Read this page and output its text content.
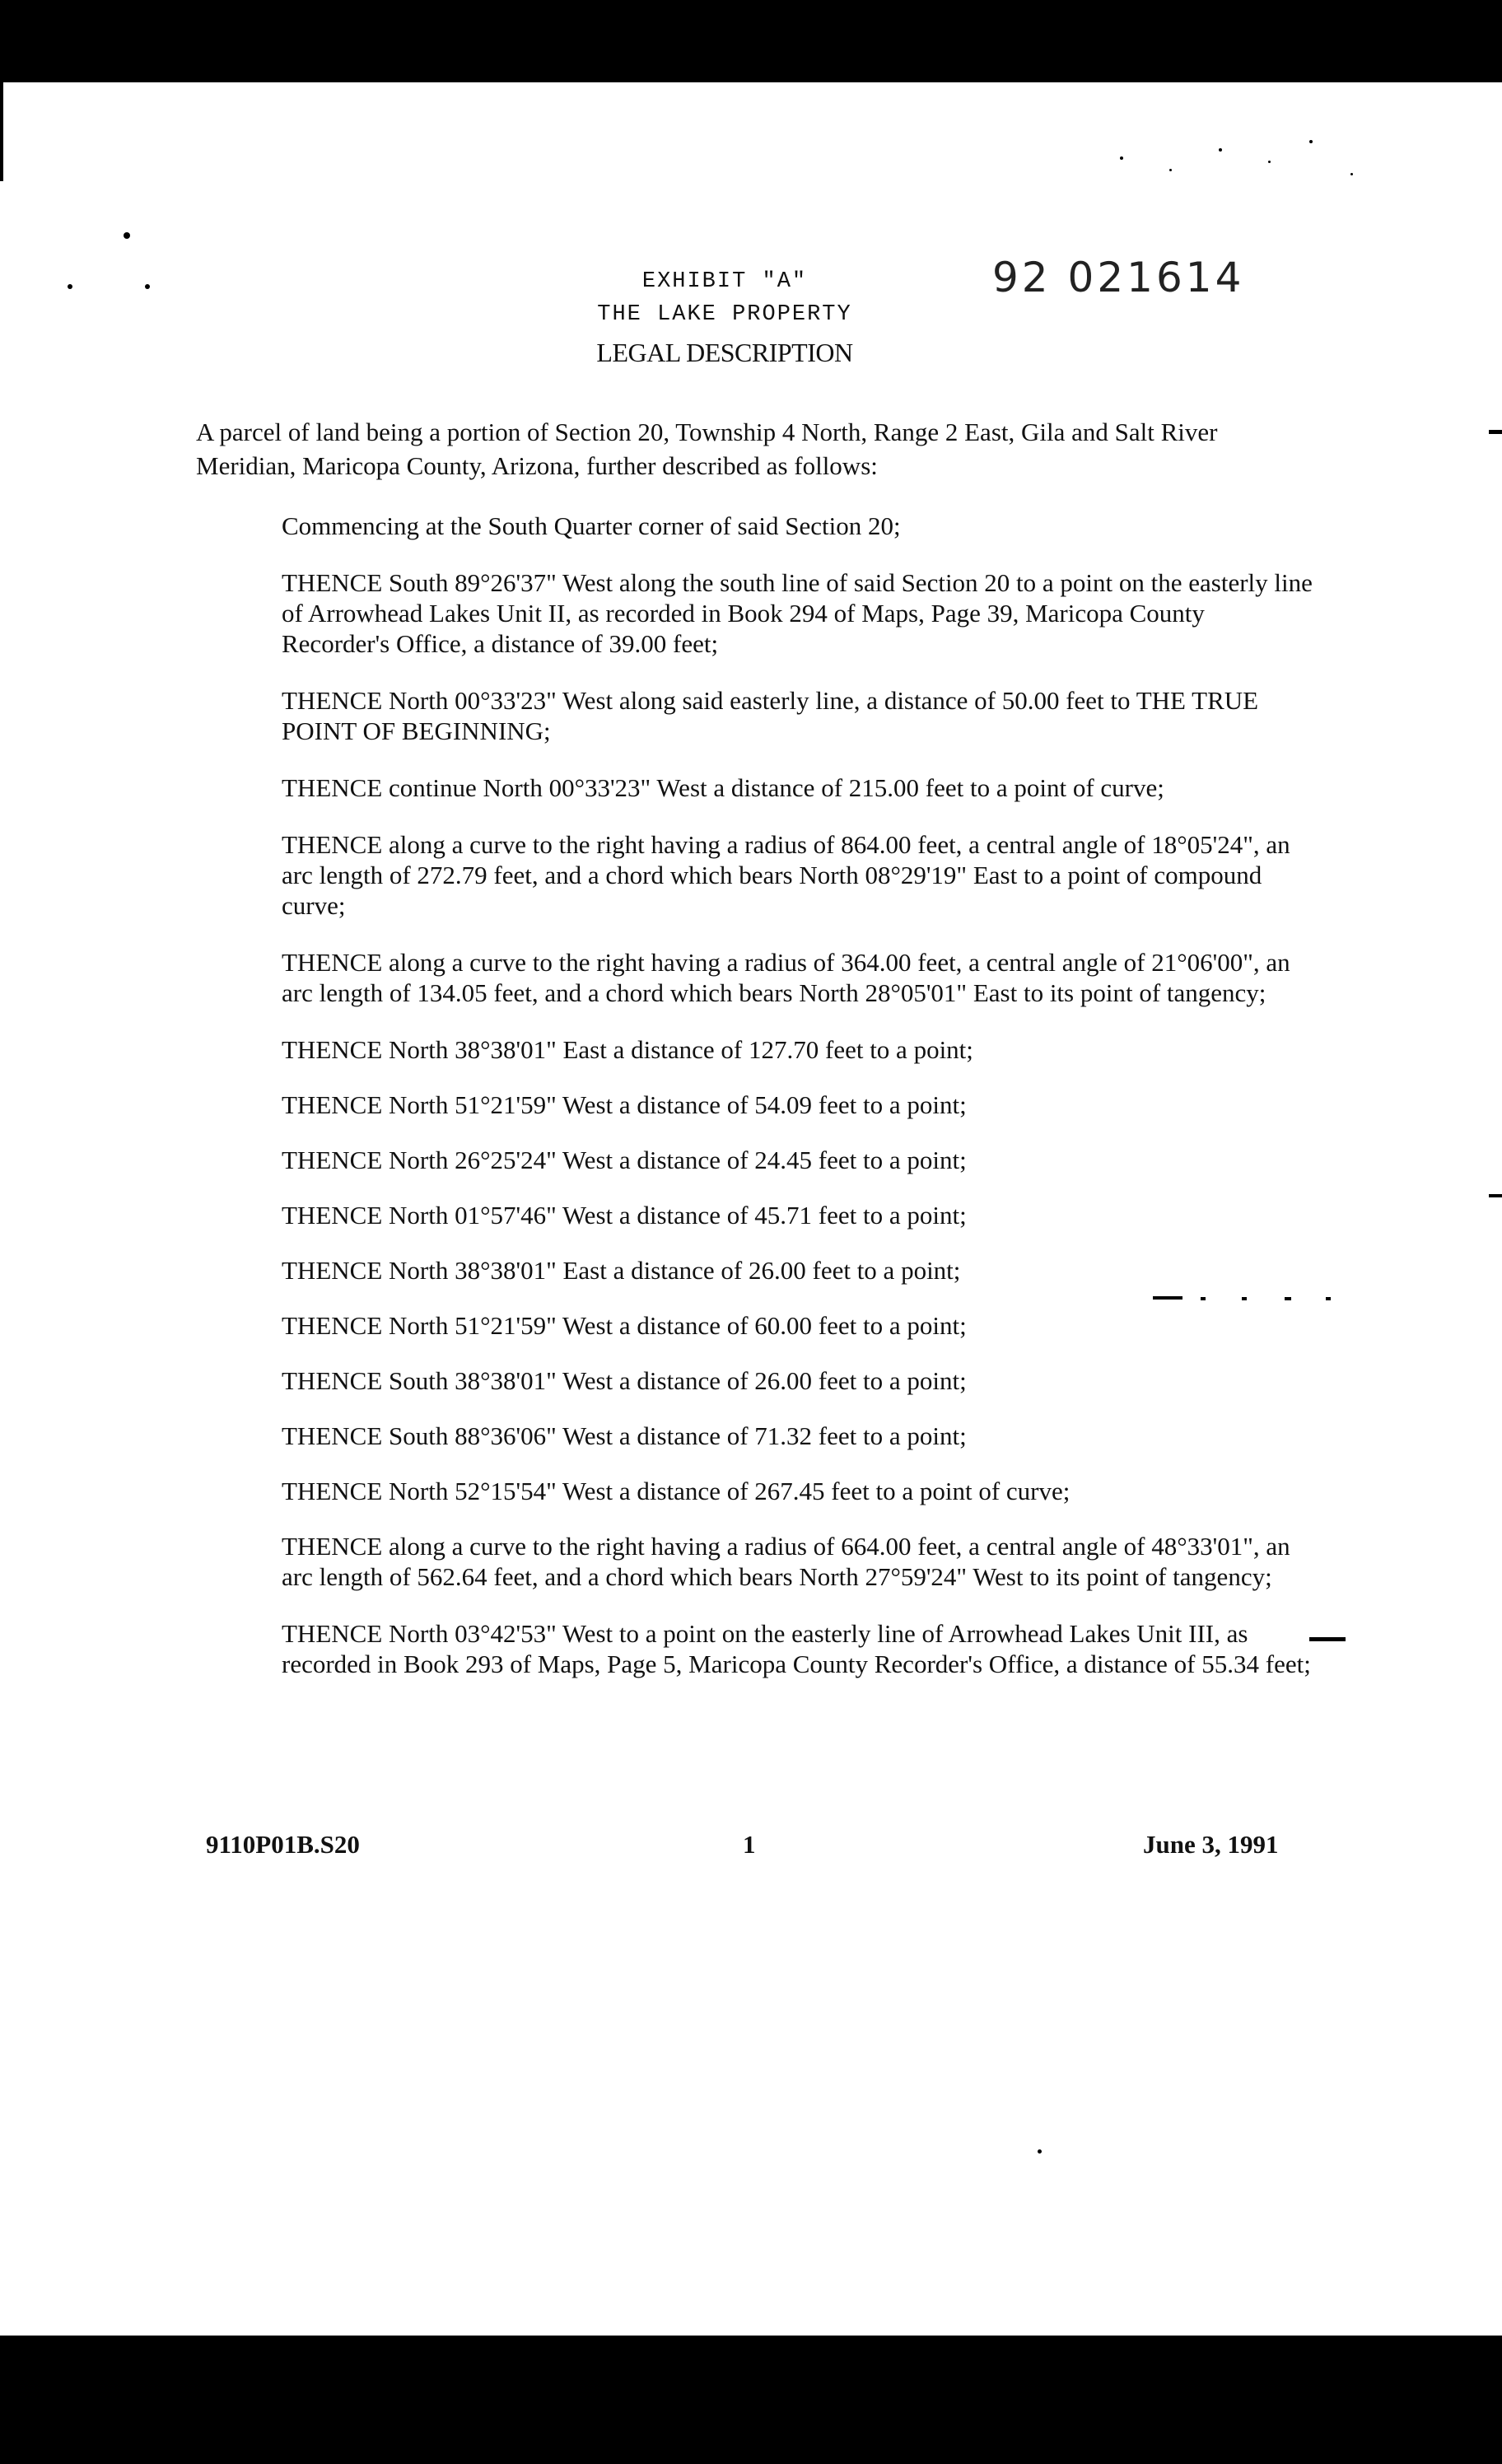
EXHIBIT "A"
THE LAKE PROPERTY
LEGAL DESCRIPTION
92 021614

A parcel of land being a portion of Section 20, Township 4 North, Range 2 East, Gila and Salt River Meridian, Maricopa County, Arizona, further described as follows:

Commencing at the South Quarter corner of said Section 20;

THENCE South 89°26'37" West along the south line of said Section 20 to a point on the easterly line of Arrowhead Lakes Unit II, as recorded in Book 294 of Maps, Page 39, Maricopa County Recorder's Office, a distance of 39.00 feet;

THENCE North 00°33'23" West along said easterly line, a distance of 50.00 feet to THE TRUE POINT OF BEGINNING;

THENCE continue North 00°33'23" West a distance of 215.00 feet to a point of curve;

THENCE along a curve to the right having a radius of 864.00 feet, a central angle of 18°05'24", an arc length of 272.79 feet, and a chord which bears North 08°29'19" East to a point of compound curve;

THENCE along a curve to the right having a radius of 364.00 feet, a central angle of 21°06'00", an arc length of 134.05 feet, and a chord which bears North 28°05'01" East to its point of tangency;

THENCE North 38°38'01" East a distance of 127.70 feet to a point;

THENCE North 51°21'59" West a distance of 54.09 feet to a point;

THENCE North 26°25'24" West a distance of 24.45 feet to a point;

THENCE North 01°57'46" West a distance of 45.71 feet to a point;

THENCE North 38°38'01" East a distance of 26.00 feet to a point;

THENCE North 51°21'59" West a distance of 60.00 feet to a point;

THENCE South 38°38'01" West a distance of 26.00 feet to a point;

THENCE South 88°36'06" West a distance of 71.32 feet to a point;

THENCE North 52°15'54" West a distance of 267.45 feet to a point of curve;

THENCE along a curve to the right having a radius of 664.00 feet, a central angle of 48°33'01", an arc length of 562.64 feet, and a chord which bears North 27°59'24" West to its point of tangency;

THENCE North 03°42'53" West to a point on the easterly line of Arrowhead Lakes Unit III, as recorded in Book 293 of Maps, Page 5, Maricopa County Recorder's Office, a distance of 55.34 feet;

9110P01B.S20	1	June 3, 1991
